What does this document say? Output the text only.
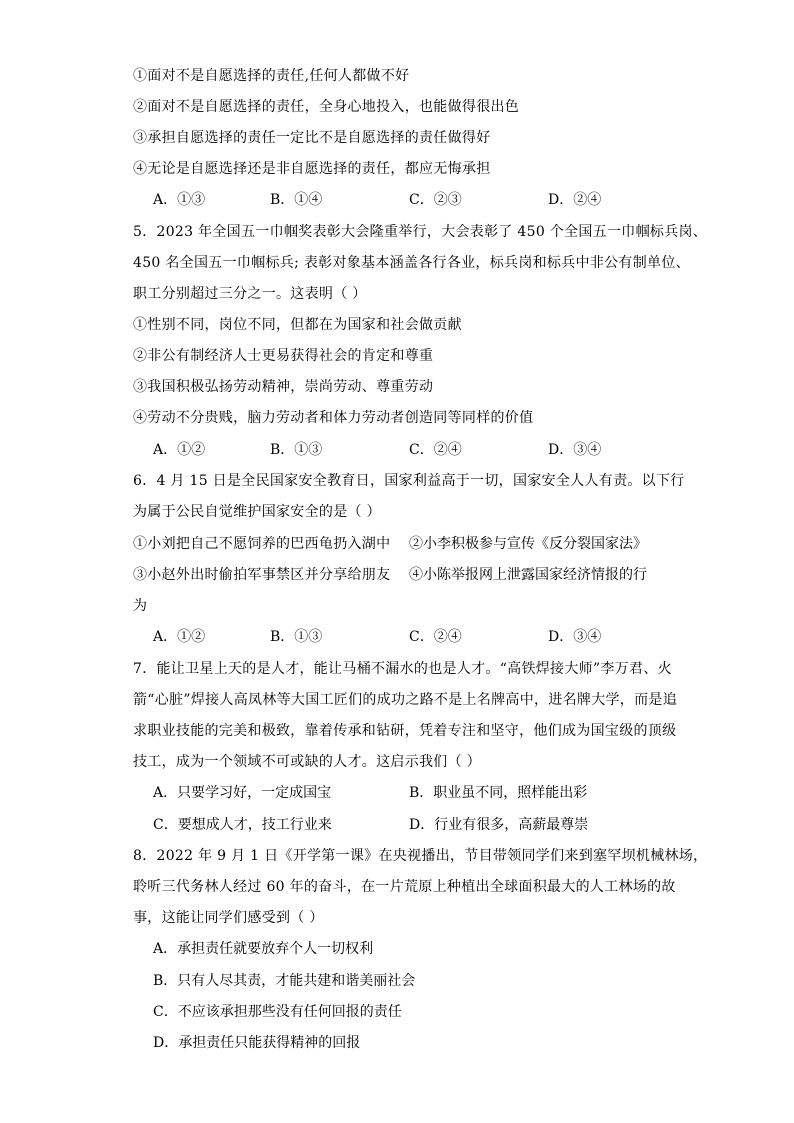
①面对不是自愿选择的责任,任何人都做不好
②面对不是自愿选择的责任，全身心地投入，也能做得很出色
③承担自愿选择的责任一定比不是自愿选择的责任做得好
④无论是自愿选择还是非自愿选择的责任，都应无悔承担
A．①③	B．①④	C．②③	D．②④
5．2023 年全国五一巾帼奖表彰大会隆重举行，大会表彰了 450 个全国五一巾帼标兵岗、
450 名全国五一巾帼标兵; 表彰对象基本涵盖各行各业，标兵岗和标兵中非公有制单位、
职工分别超过三分之一。这表明（ ）
①性别不同，岗位不同，但都在为国家和社会做贡献
②非公有制经济人士更易获得社会的肯定和尊重
③我国积极弘扬劳动精神，崇尚劳动、尊重劳动
④劳动不分贵贱，脑力劳动者和体力劳动者创造同等同样的价值
A．①②	B．①③	C．②④	D．③④
6．4 月 15 日是全民国家安全教育日，国家利益高于一切，国家安全人人有责。以下行
为属于公民自觉维护国家安全的是（ ）
①小刘把自己不愿饲养的巴西龟扔入湖中 ②小李积极参与宣传《反分裂国家法》
③小赵外出时偷拍军事禁区并分享给朋友 ④小陈举报网上泄露国家经济情报的行
为
A．①②	B．①③	C．②④	D．③④
7．能让卫星上天的是人才，能让马桶不漏水的也是人才。“高铁焊接大师”李万君、火
箭“心脏”焊接人高凤林等大国工匠们的成功之路不是上名牌高中，进名牌大学，而是追
求职业技能的完美和极致，靠着传承和钻研，凭着专注和坚守，他们成为国宝级的顶级
技工，成为一个领域不可或缺的人才。这启示我们（ ）
A．只要学习好，一定成国宝	B．职业虽不同，照样能出彩
C．要想成人才，技工行业来	D．行业有很多，高薪最尊崇
8．2022 年 9 月 1 日《开学第一课》在央视播出，节目带领同学们来到塞罕坝机械林场，
聆听三代务林人经过 60 年的奋斗，在一片荒原上种植出全球面积最大的人工林场的故
事，这能让同学们感受到（ ）
A．承担责任就要放弃个人一切权利
B．只有人尽其责，才能共建和谐美丽社会
C．不应该承担那些没有任何回报的责任
D．承担责任只能获得精神的回报
